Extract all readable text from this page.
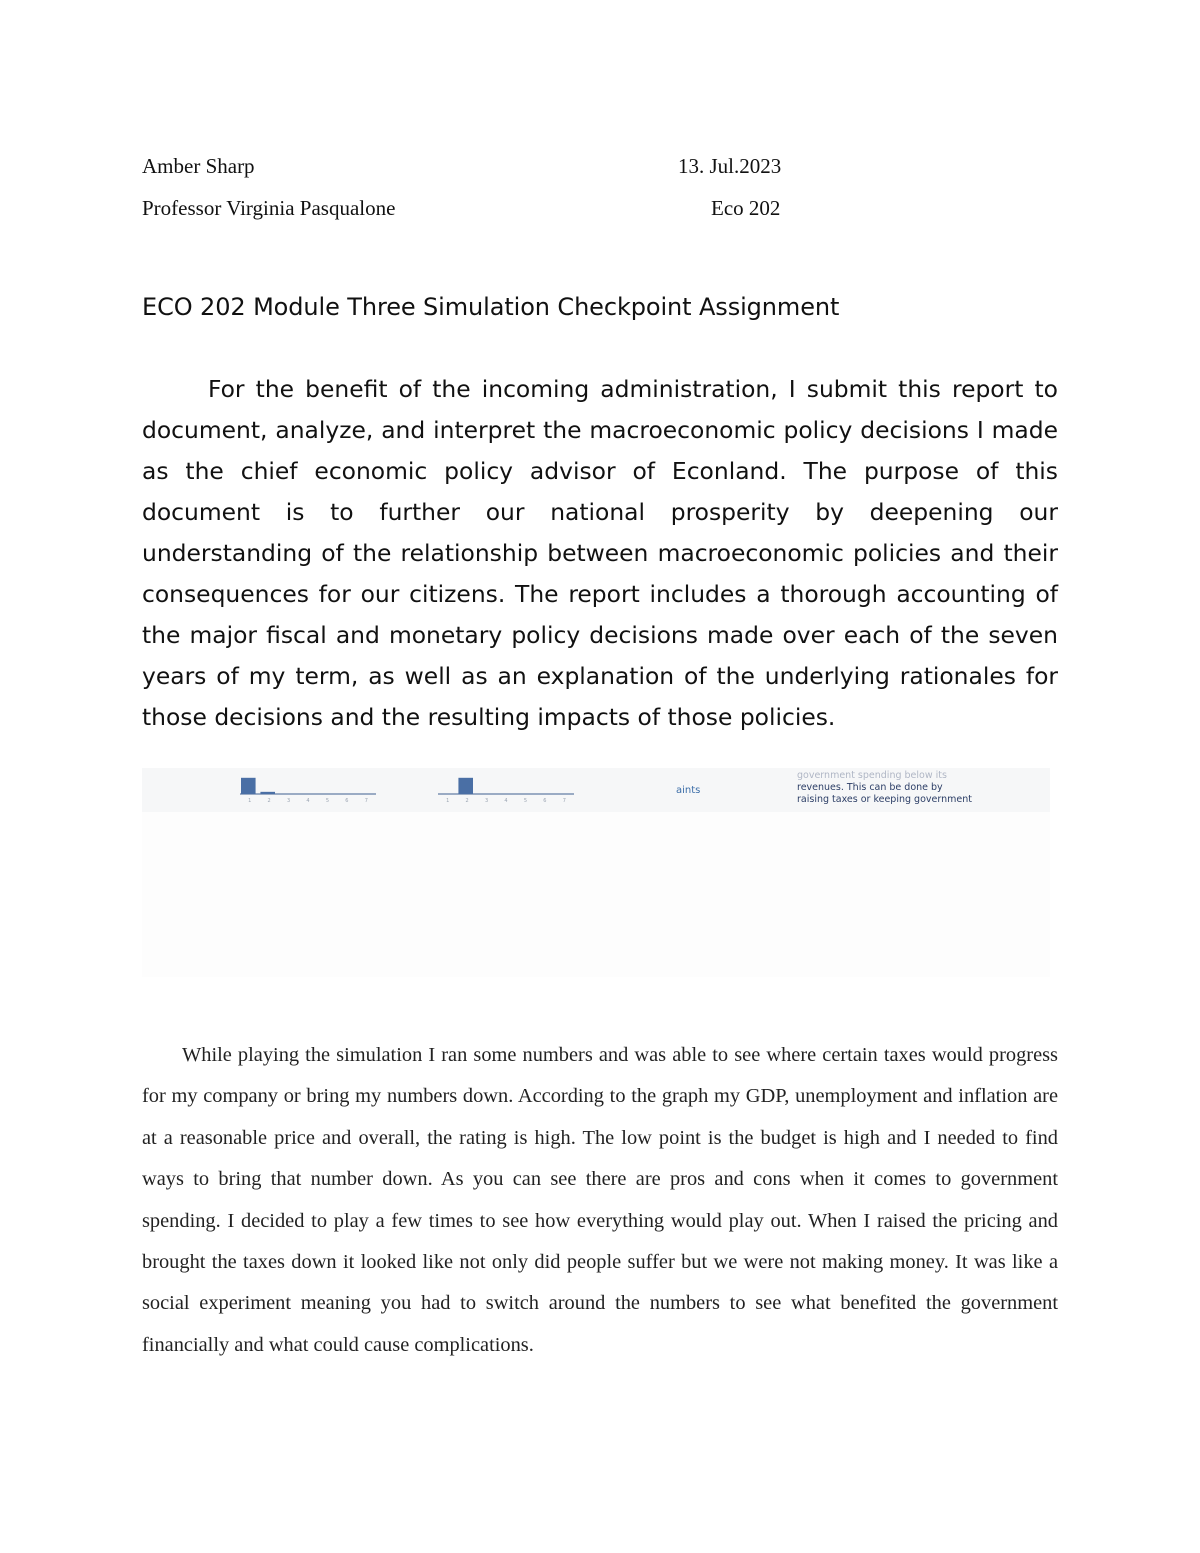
Amber Sharp	13. Jul.2023
Professor Virginia Pasqualone	Eco 202
ECO 202 Module Three Simulation Checkpoint Assignment

For the benefit of the incoming administration, I submit this report to document, analyze, and interpret the macroeconomic policy decisions I made as the chief economic policy advisor of Econland. The purpose of this document is to further our national prosperity by deepening our understanding of the relationship between macroeconomic policies and their consequences for our citizens. The report includes a thorough accounting of the major fiscal and monetary policy decisions made over each of the seven years of my term, as well as an explanation of the underlying rationales for those decisions and the resulting impacts of those policies.

1	2	3	4	5	6	7	1	2	3	4	5	6	7
aints
government spending below its
revenues. This can be done by
raising taxes or keeping government

While playing the simulation I ran some numbers and was able to see where certain taxes would progress for my company or bring my numbers down. According to the graph my GDP, unemployment and inflation are at a reasonable price and overall, the rating is high. The low point is the budget is high and I needed to find ways to bring that number down. As you can see there are pros and cons when it comes to government spending. I decided to play a few times to see how everything would play out. When I raised the pricing and brought the taxes down it looked like not only did people suffer but we were not making money. It was like a social experiment meaning you had to switch around the numbers to see what benefited the government financially and what could cause complications.
